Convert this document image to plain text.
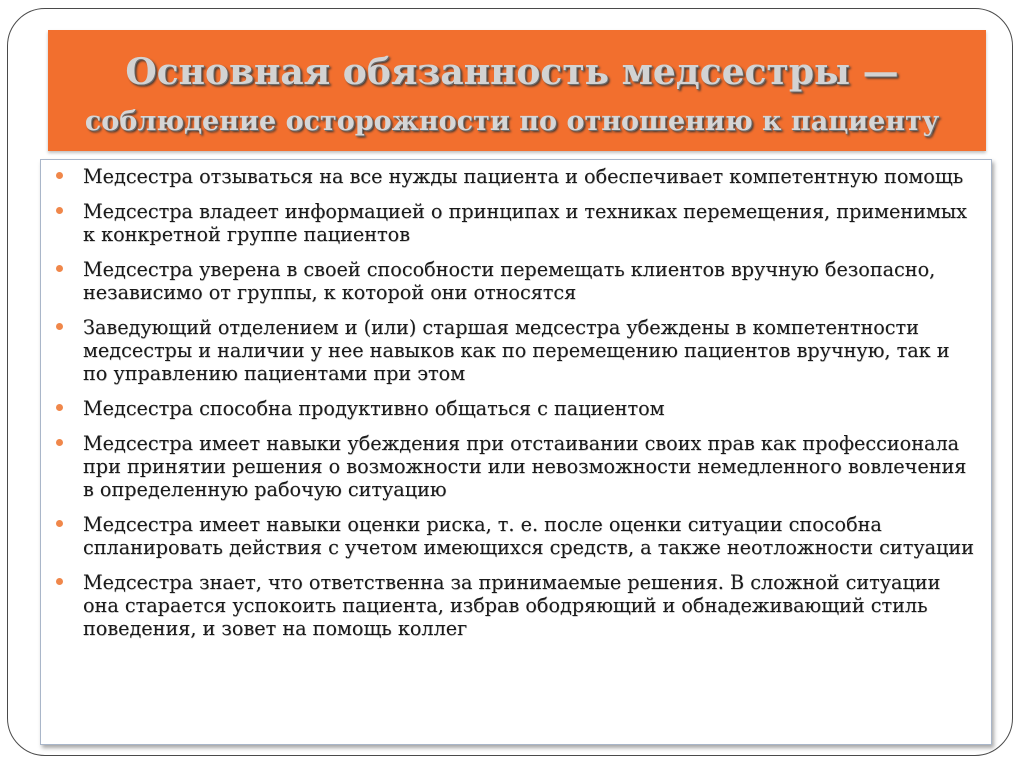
Основная обязанность медсестры —
соблюдение осторожности по отношению к пациенту
Медсестра отзываться на все нужды пациента и обеспечивает компетентную помощь
Медсестра владеет информацией о принципах и техниках перемещения, применимых к конкретной группе пациентов
Медсестра уверена в своей способности перемещать клиентов вручную безопасно, независимо от группы, к которой они относятся
Заведующий отделением и (или) старшая медсестра убеждены в компетентности медсестры и наличии у нее навыков как по перемещению пациентов вручную, так и по управлению пациентами при этом
Медсестра способна продуктивно общаться с пациентом
Медсестра имеет навыки убеждения при отстаивании своих прав как профессионала при принятии решения о возможности или невозможности немедленного вовлечения в определенную рабочую ситуацию
Медсестра имеет навыки оценки риска, т. е. после оценки ситуации способна спланировать действия с учетом имеющихся средств, а также неотложности ситуации
Медсестра знает, что ответственна за принимаемые решения. В сложной ситуации она старается успокоить пациента, избрав ободряющий и обнадеживающий стиль поведения, и зовет на помощь коллег
